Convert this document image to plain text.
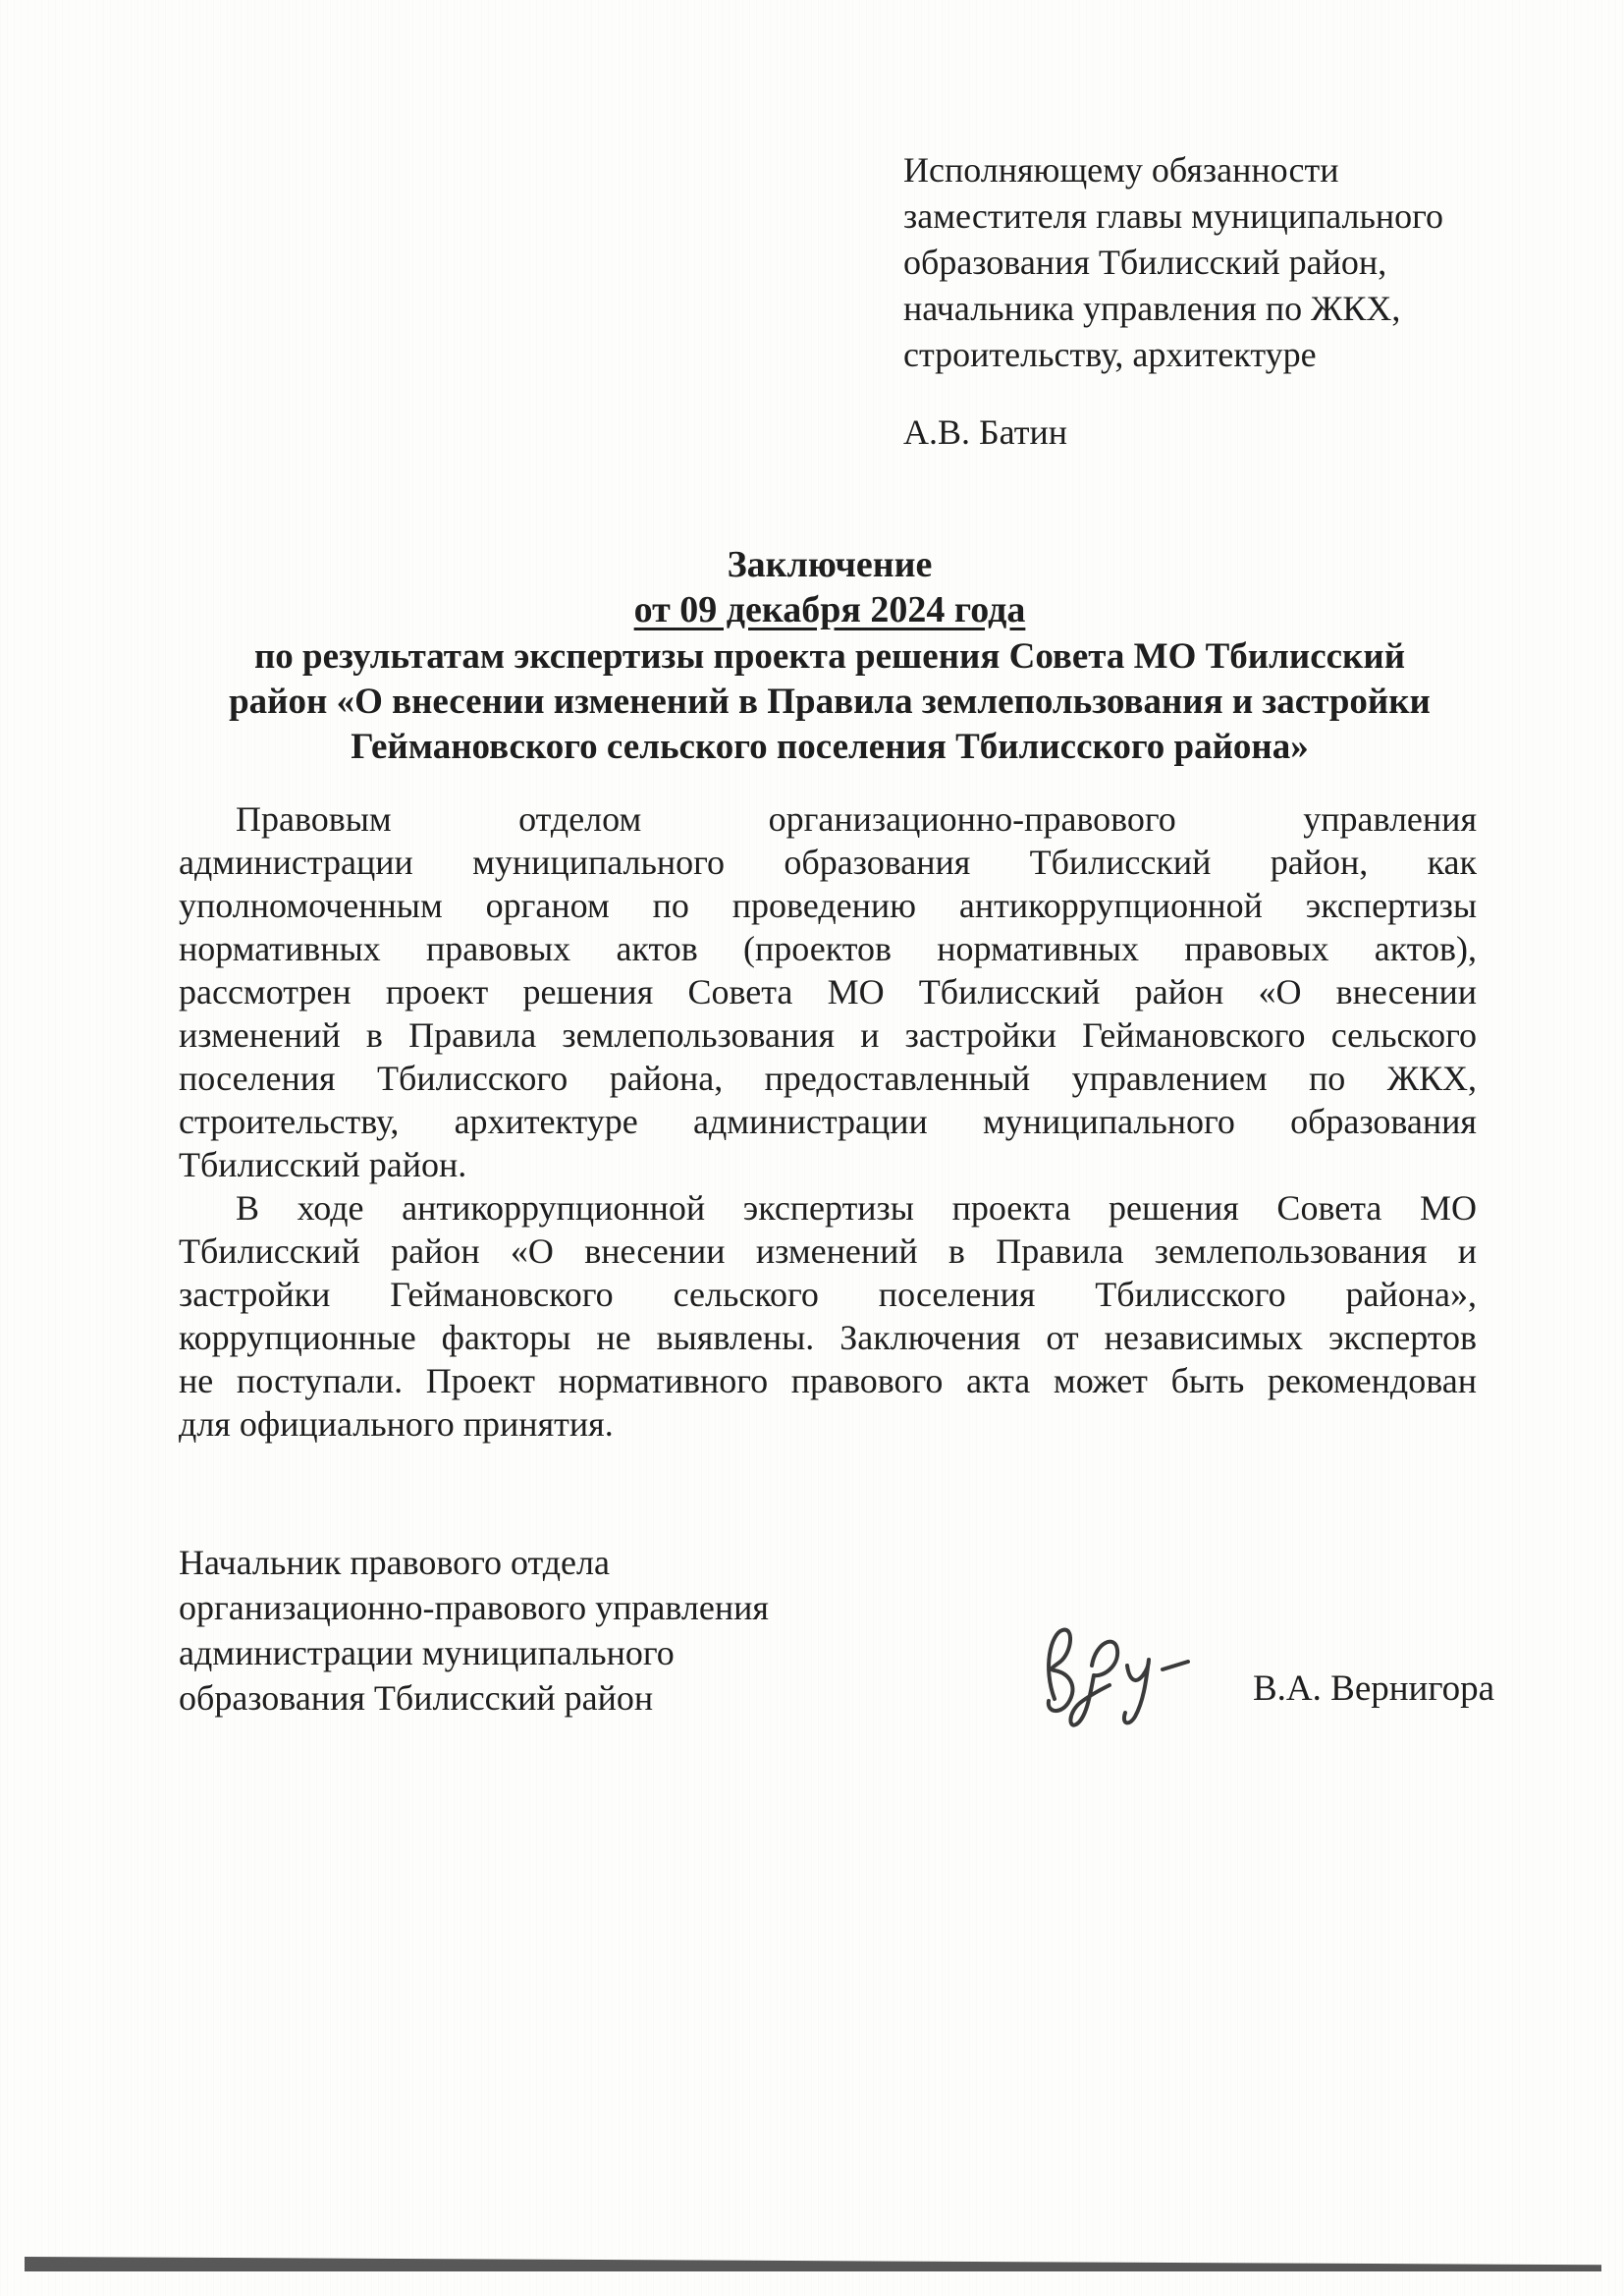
Исполняющему обязанности
заместителя главы муниципального
образования Тбилисский район,
начальника управления по ЖКХ,
строительству, архитектуре
А.В. Батин
Заключение
от 09 декабря 2024 года
по результатам экспертизы проекта решения Совета МО Тбилисский
район «О внесении изменений в Правила землепользования и застройки
Геймановского сельского поселения Тбилисского района»
Правовым отделом организационно-правового управления
администрации муниципального образования Тбилисский район, как
уполномоченным органом по проведению антикоррупционной экспертизы
нормативных правовых актов (проектов нормативных правовых актов),
рассмотрен проект решения Совета МО Тбилисский район «О внесении
изменений в Правила землепользования и застройки Геймановского сельского
поселения Тбилисского района, предоставленный управлением по ЖКХ,
строительству, архитектуре администрации муниципального образования
Тбилисский район.
В ходе антикоррупционной экспертизы проекта решения Совета МО
Тбилисский район «О внесении изменений в Правила землепользования и
застройки Геймановского сельского поселения Тбилисского района»,
коррупционные факторы не выявлены. Заключения от независимых экспертов
не поступали. Проект нормативного правового акта может быть рекомендован
для официального принятия.
Начальник правового отдела
организационно-правового управления
администрации муниципального
образования Тбилисский район	В.А. Вернигора
